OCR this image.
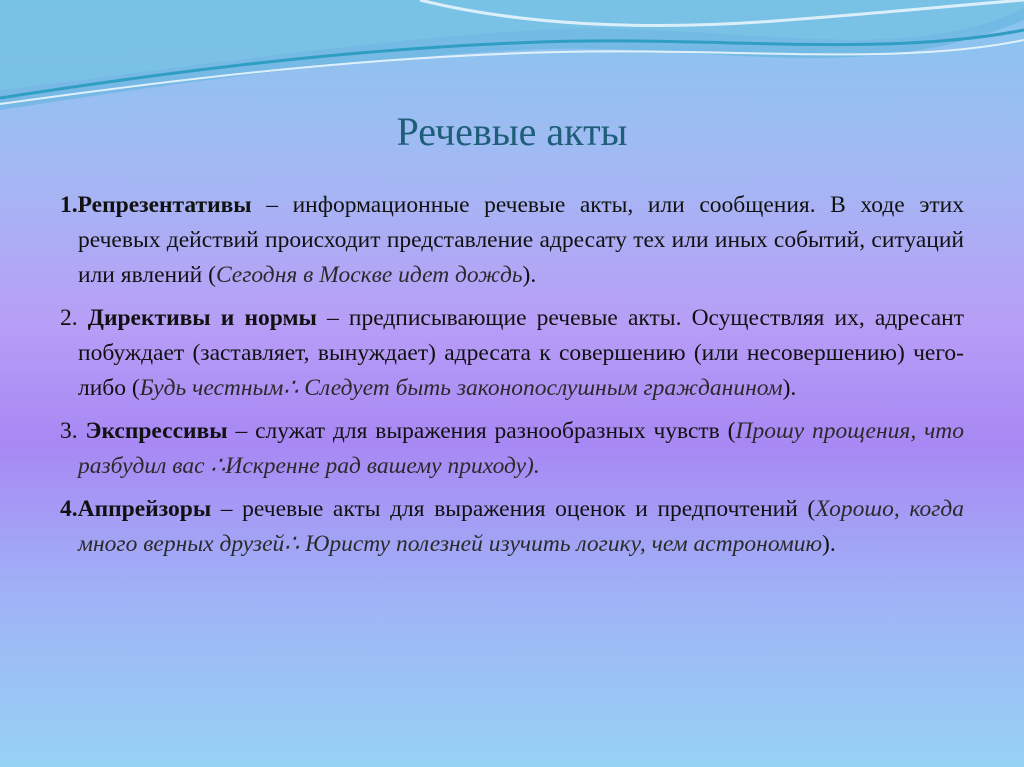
Речевые акты
1.Репрезентативы – информационные речевые акты, или сообщения. В ходе этих речевых действий происходит представление адресату тех или иных событий, ситуаций или явлений (Сегодня в Москве идет дождь).
2. Директивы и нормы – предписывающие речевые акты. Осуществляя их, адресант побуждает (заставляет, вынуждает) адресата к совершению (или несовершению) чего-либо (Будь честным∴ Следует быть законопослушным гражданином).
3. Экспрессивы – служат для выражения разнообразных чувств (Прошу прощения, что разбудил вас ∴Искренне рад вашему приходу).
4.Аппрейзоры – речевые акты для выражения оценок и предпочтений (Хорошо, когда много верных друзей∴ Юристу полезней изучить логику, чем астрономию).
